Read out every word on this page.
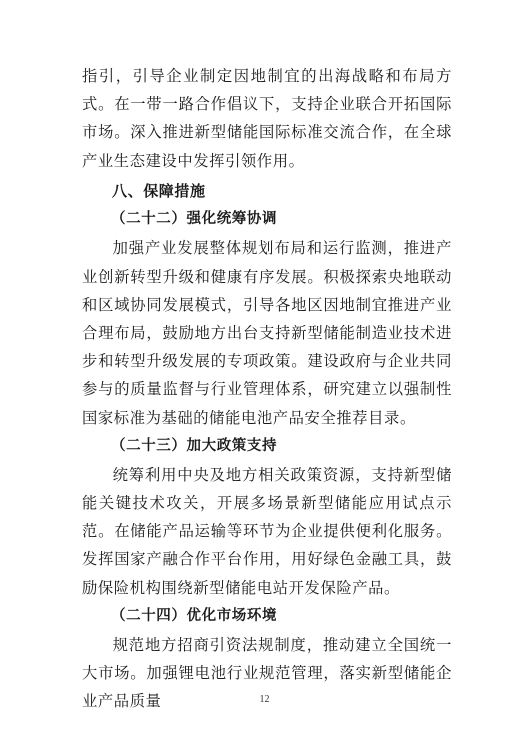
指引，引导企业制定因地制宜的出海战略和布局方式。在一带一路合作倡议下，支持企业联合开拓国际市场。深入推进新型储能国际标准交流合作，在全球产业生态建设中发挥引领作用。

八、保障措施

（二十二）强化统筹协调

加强产业发展整体规划布局和运行监测，推进产业创新转型升级和健康有序发展。积极探索央地联动和区域协同发展模式，引导各地区因地制宜推进产业合理布局，鼓励地方出台支持新型储能制造业技术进步和转型升级发展的专项政策。建设政府与企业共同参与的质量监督与行业管理体系，研究建立以强制性国家标准为基础的储能电池产品安全推荐目录。

（二十三）加大政策支持

统筹利用中央及地方相关政策资源，支持新型储能关键技术攻关，开展多场景新型储能应用试点示范。在储能产品运输等环节为企业提供便利化服务。发挥国家产融合作平台作用，用好绿色金融工具，鼓励保险机构围绕新型储能电站开发保险产品。

（二十四）优化市场环境

规范地方招商引资法规制度，推动建立全国统一大市场。加强锂电池行业规范管理，落实新型储能企业产品质量	12
